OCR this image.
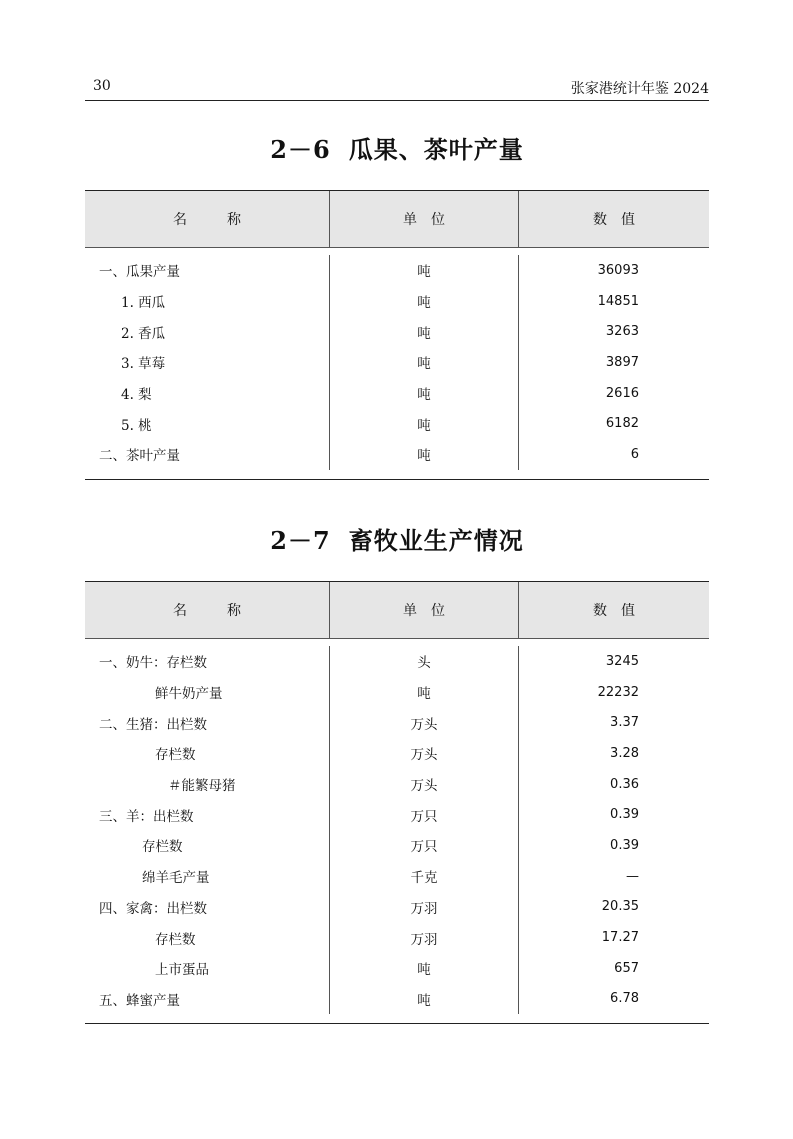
30	张家港统计年鉴 2024
2－6 瓜果、茶叶产量
名称	单位	数值
一、瓜果产量	吨	36093
1. 西瓜	吨	14851
2. 香瓜	吨	3263
3. 草莓	吨	3897
4. 梨	吨	2616
5. 桃	吨	6182
二、茶叶产量	吨	6
2－7 畜牧业生产情况
名称	单位	数值
一、奶牛：存栏数	头	3245
鲜牛奶产量	吨	22232
二、生猪：出栏数	万头	3.37
存栏数	万头	3.28
＃能繁母猪	万头	0.36
三、羊：出栏数	万只	0.39
存栏数	万只	0.39
绵羊毛产量	千克	—
四、家禽：出栏数	万羽	20.35
存栏数	万羽	17.27
上市蛋品	吨	657
五、蜂蜜产量	吨	6.78
